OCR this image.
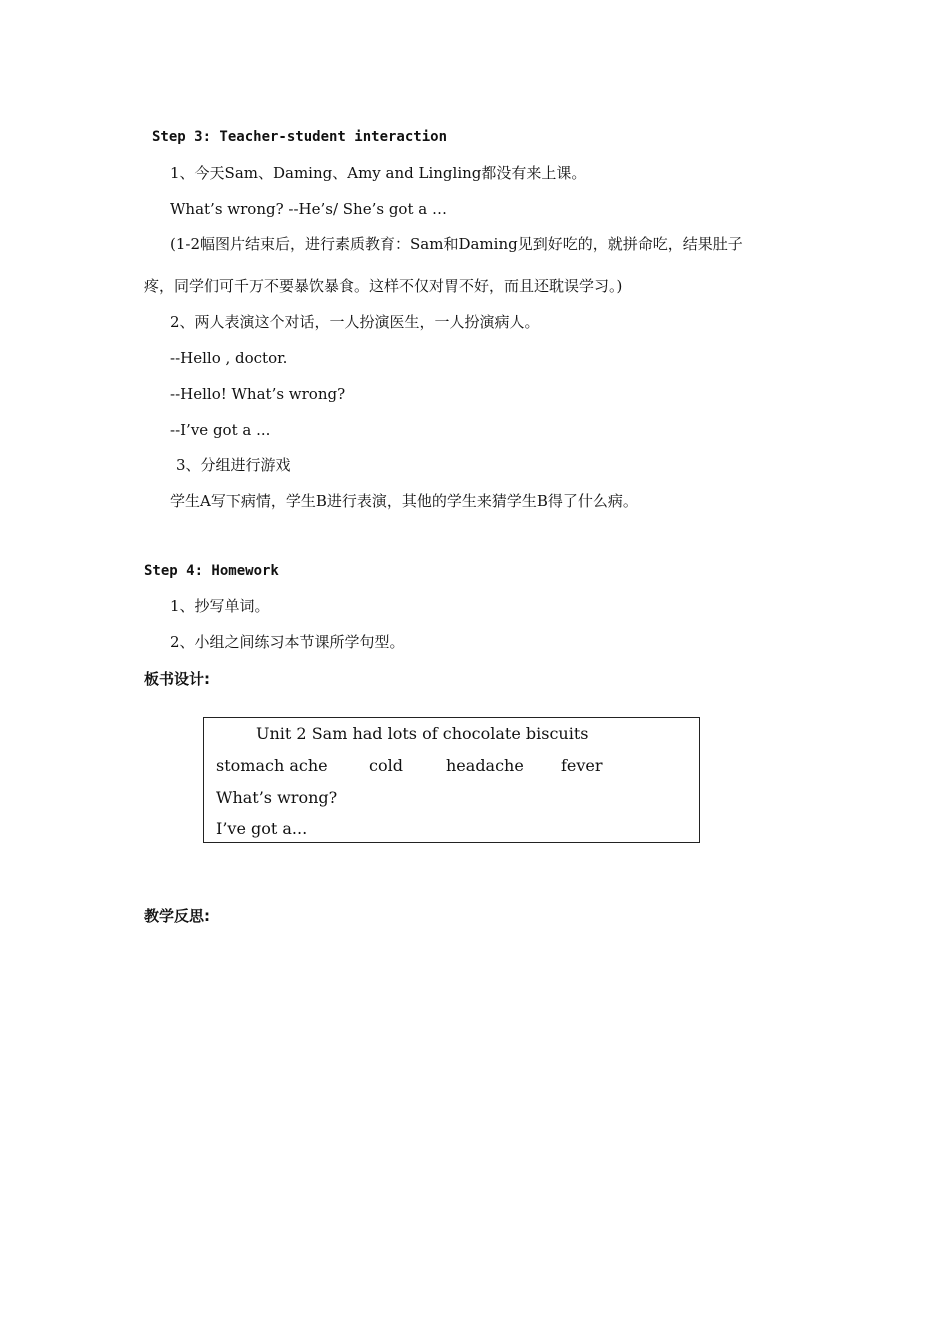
Step 3: Teacher-student interaction
1、今天Sam、Daming、Amy and Lingling都没有来上课。
What’s wrong? --He’s/ She’s got a …
(1-2幅图片结束后，进行素质教育：Sam和Daming见到好吃的，就拼命吃，结果肚子
疼，同学们可千万不要暴饮暴食。这样不仅对胃不好，而且还耽误学习。)
2、两人表演这个对话，一人扮演医生，一人扮演病人。
--Hello , doctor.
--Hello! What’s wrong?
--I’ve got a ...
3、分组进行游戏
学生A写下病情，学生B进行表演，其他的学生来猜学生B得了什么病。
Step 4: Homework
1、抄写单词。
2、小组之间练习本节课所学句型。
板书设计:
Unit 2 Sam had lots of chocolate biscuits
stomach ache	cold	headache fever
What’s wrong?
I’ve got a...
教学反思:
